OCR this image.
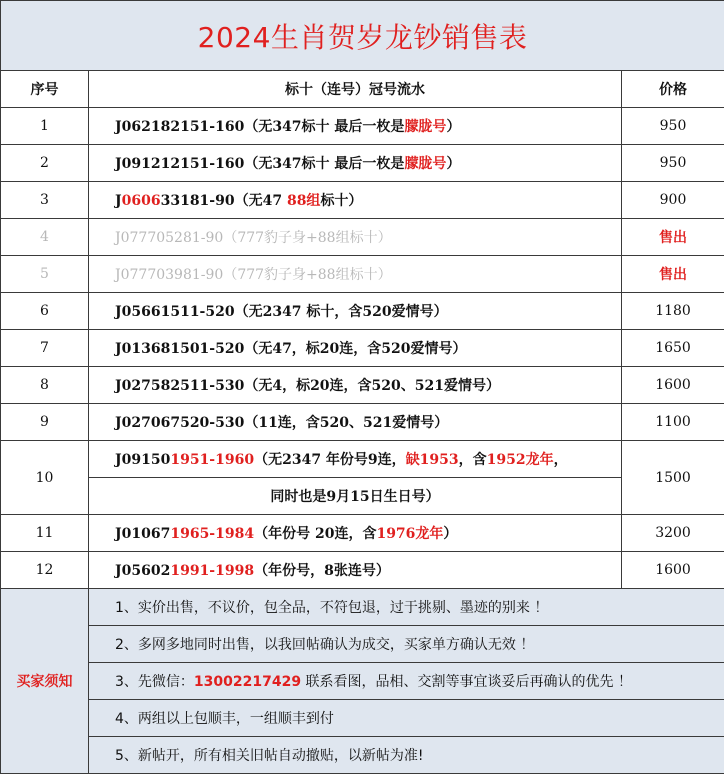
2024生肖贺岁龙钞销售表		
序号	标十（连号）冠号流水	价格
1	J062182151-160（无347标十 最后一枚是朦胧号）	950
2	J091212151-160（无347标十 最后一枚是朦胧号）	950
3	J060633181-90（无47 88组标十）	900
4	J077705281-90（777豹子身+88组标十）	售出
5	J077703981-90（777豹子身+88组标十）	售出
6	J05661511-520（无2347 标十，含520爱情号）	1180
7	J013681501-520（无47，标20连，含520爱情号）	1650
8	J027582511-530（无4，标20连，含520、521爱情号）	1600
9	J027067520-530（11连，含520、521爱情号）	1100
10	J091501951-1960（无2347 年份号9连，缺1953，含1952龙年，	1500
	同时也是9月15日生日号）	
11	J010671965-1984（年份号 20连，含1976龙年）	3200
12	J056021991-1998（年份号，8张连号）	1600
买家须知	1、实价出售，不议价，包全品，不符包退，过于挑剔、墨迹的别来 ！	
	2、多网多地同时出售，以我回帖确认为成交，买家单方确认无效 ！	
	3、先微信：13002217429 联系看图，品相、交割等事宜谈妥后再确认的优先 ！	
	4、两组以上包顺丰，一组顺丰到付	
	5、新帖开，所有相关旧帖自动撤贴，以新帖为准!	
